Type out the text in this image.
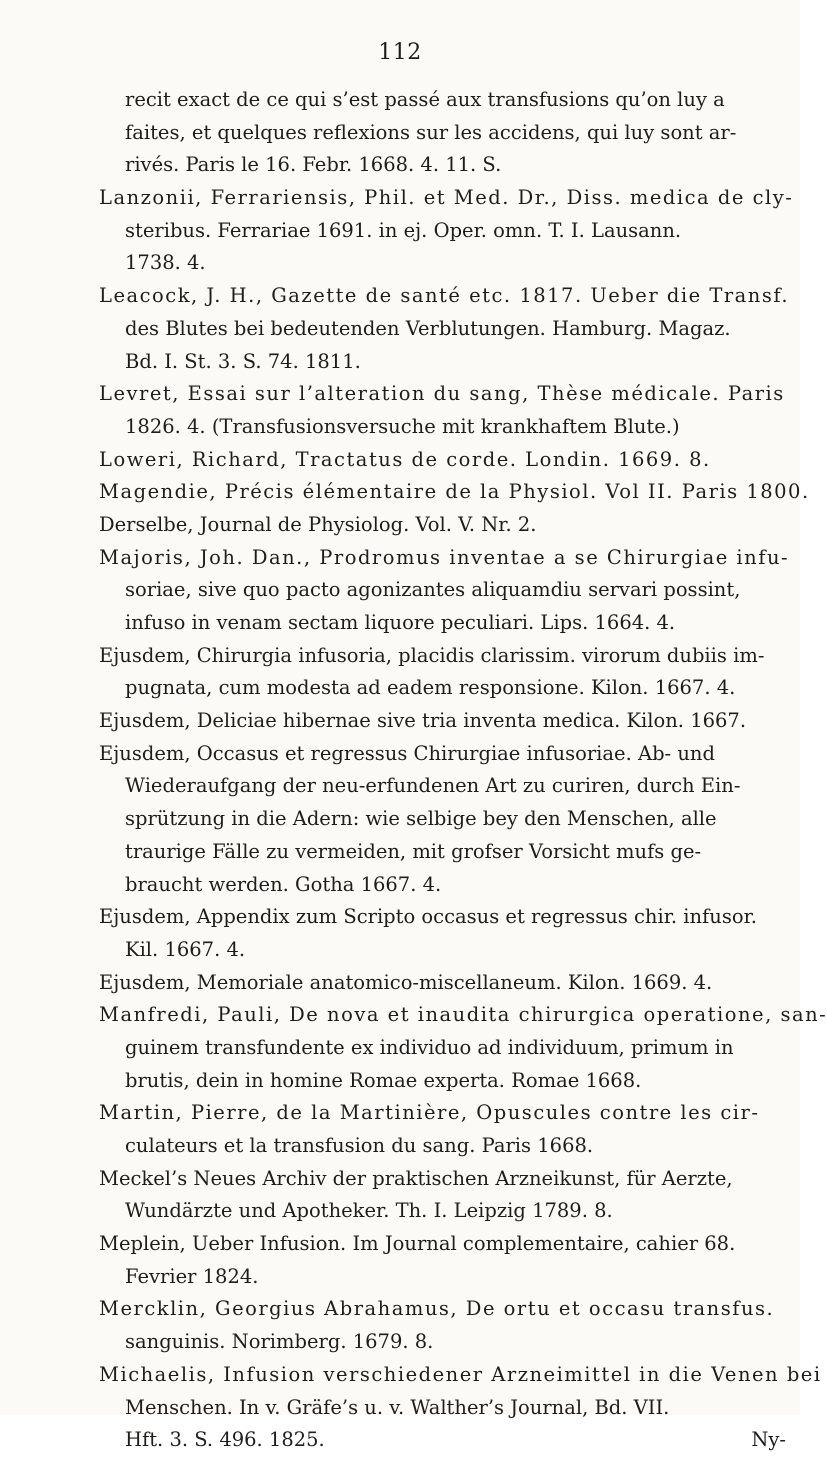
112
recit exact de ce qui s’est passé aux transfusions qu’on luy a
faites, et quelques reflexions sur les accidens, qui luy sont ar-
rivés. Paris le 16. Febr. 1668. 4. 11. S.
Lanzonii, Ferrariensis, Phil. et Med. Dr., Diss. medica de cly-
steribus. Ferrariae 1691. in ej. Oper. omn. T. I. Lausann.
1738. 4.
Leacock, J. H., Gazette de santé etc. 1817. Ueber die Transf.
des Blutes bei bedeutenden Verblutungen. Hamburg. Magaz.
Bd. I. St. 3. S. 74. 1811.
Levret, Essai sur l’alteration du sang, Thèse médicale. Paris
1826. 4. (Transfusionsversuche mit krankhaftem Blute.)
Loweri, Richard, Tractatus de corde. Londin. 1669. 8.
Magendie, Précis élémentaire de la Physiol. Vol II. Paris 1800.
Derselbe, Journal de Physiolog. Vol. V. Nr. 2.
Majoris, Joh. Dan., Prodromus inventae a se Chirurgiae infu-
soriae, sive quo pacto agonizantes aliquamdiu servari possint,
infuso in venam sectam liquore peculiari. Lips. 1664. 4.
Ejusdem, Chirurgia infusoria, placidis clarissim. virorum dubiis im-
pugnata, cum modesta ad eadem responsione. Kilon. 1667. 4.
Ejusdem, Deliciae hibernae sive tria inventa medica. Kilon. 1667.
Ejusdem, Occasus et regressus Chirurgiae infusoriae. Ab- und
Wiederaufgang der neu-erfundenen Art zu curiren, durch Ein-
sprützung in die Adern: wie selbige bey den Menschen, alle
traurige Fälle zu vermeiden, mit grofser Vorsicht mufs ge-
braucht werden. Gotha 1667. 4.
Ejusdem, Appendix zum Scripto occasus et regressus chir. infusor.
Kil. 1667. 4.
Ejusdem, Memoriale anatomico-miscellaneum. Kilon. 1669. 4.
Manfredi, Pauli, De nova et inaudita chirurgica operatione, san-
guinem transfundente ex individuo ad individuum, primum in
brutis, dein in homine Romae experta. Romae 1668.
Martin, Pierre, de la Martinière, Opuscules contre les cir-
culateurs et la transfusion du sang. Paris 1668.
Meckel’s Neues Archiv der praktischen Arzneikunst, für Aerzte,
Wundärzte und Apotheker. Th. I. Leipzig 1789. 8.
Meplein, Ueber Infusion. Im Journal complementaire, cahier 68.
Fevrier 1824.
Mercklin, Georgius Abrahamus, De ortu et occasu transfus.
sanguinis. Norimberg. 1679. 8.
Michaelis, Infusion verschiedener Arzneimittel in die Venen bei
Menschen. In v. Gräfe’s u. v. Walther’s Journal, Bd. VII.
Hft. 3. S. 496. 1825.	Ny-
